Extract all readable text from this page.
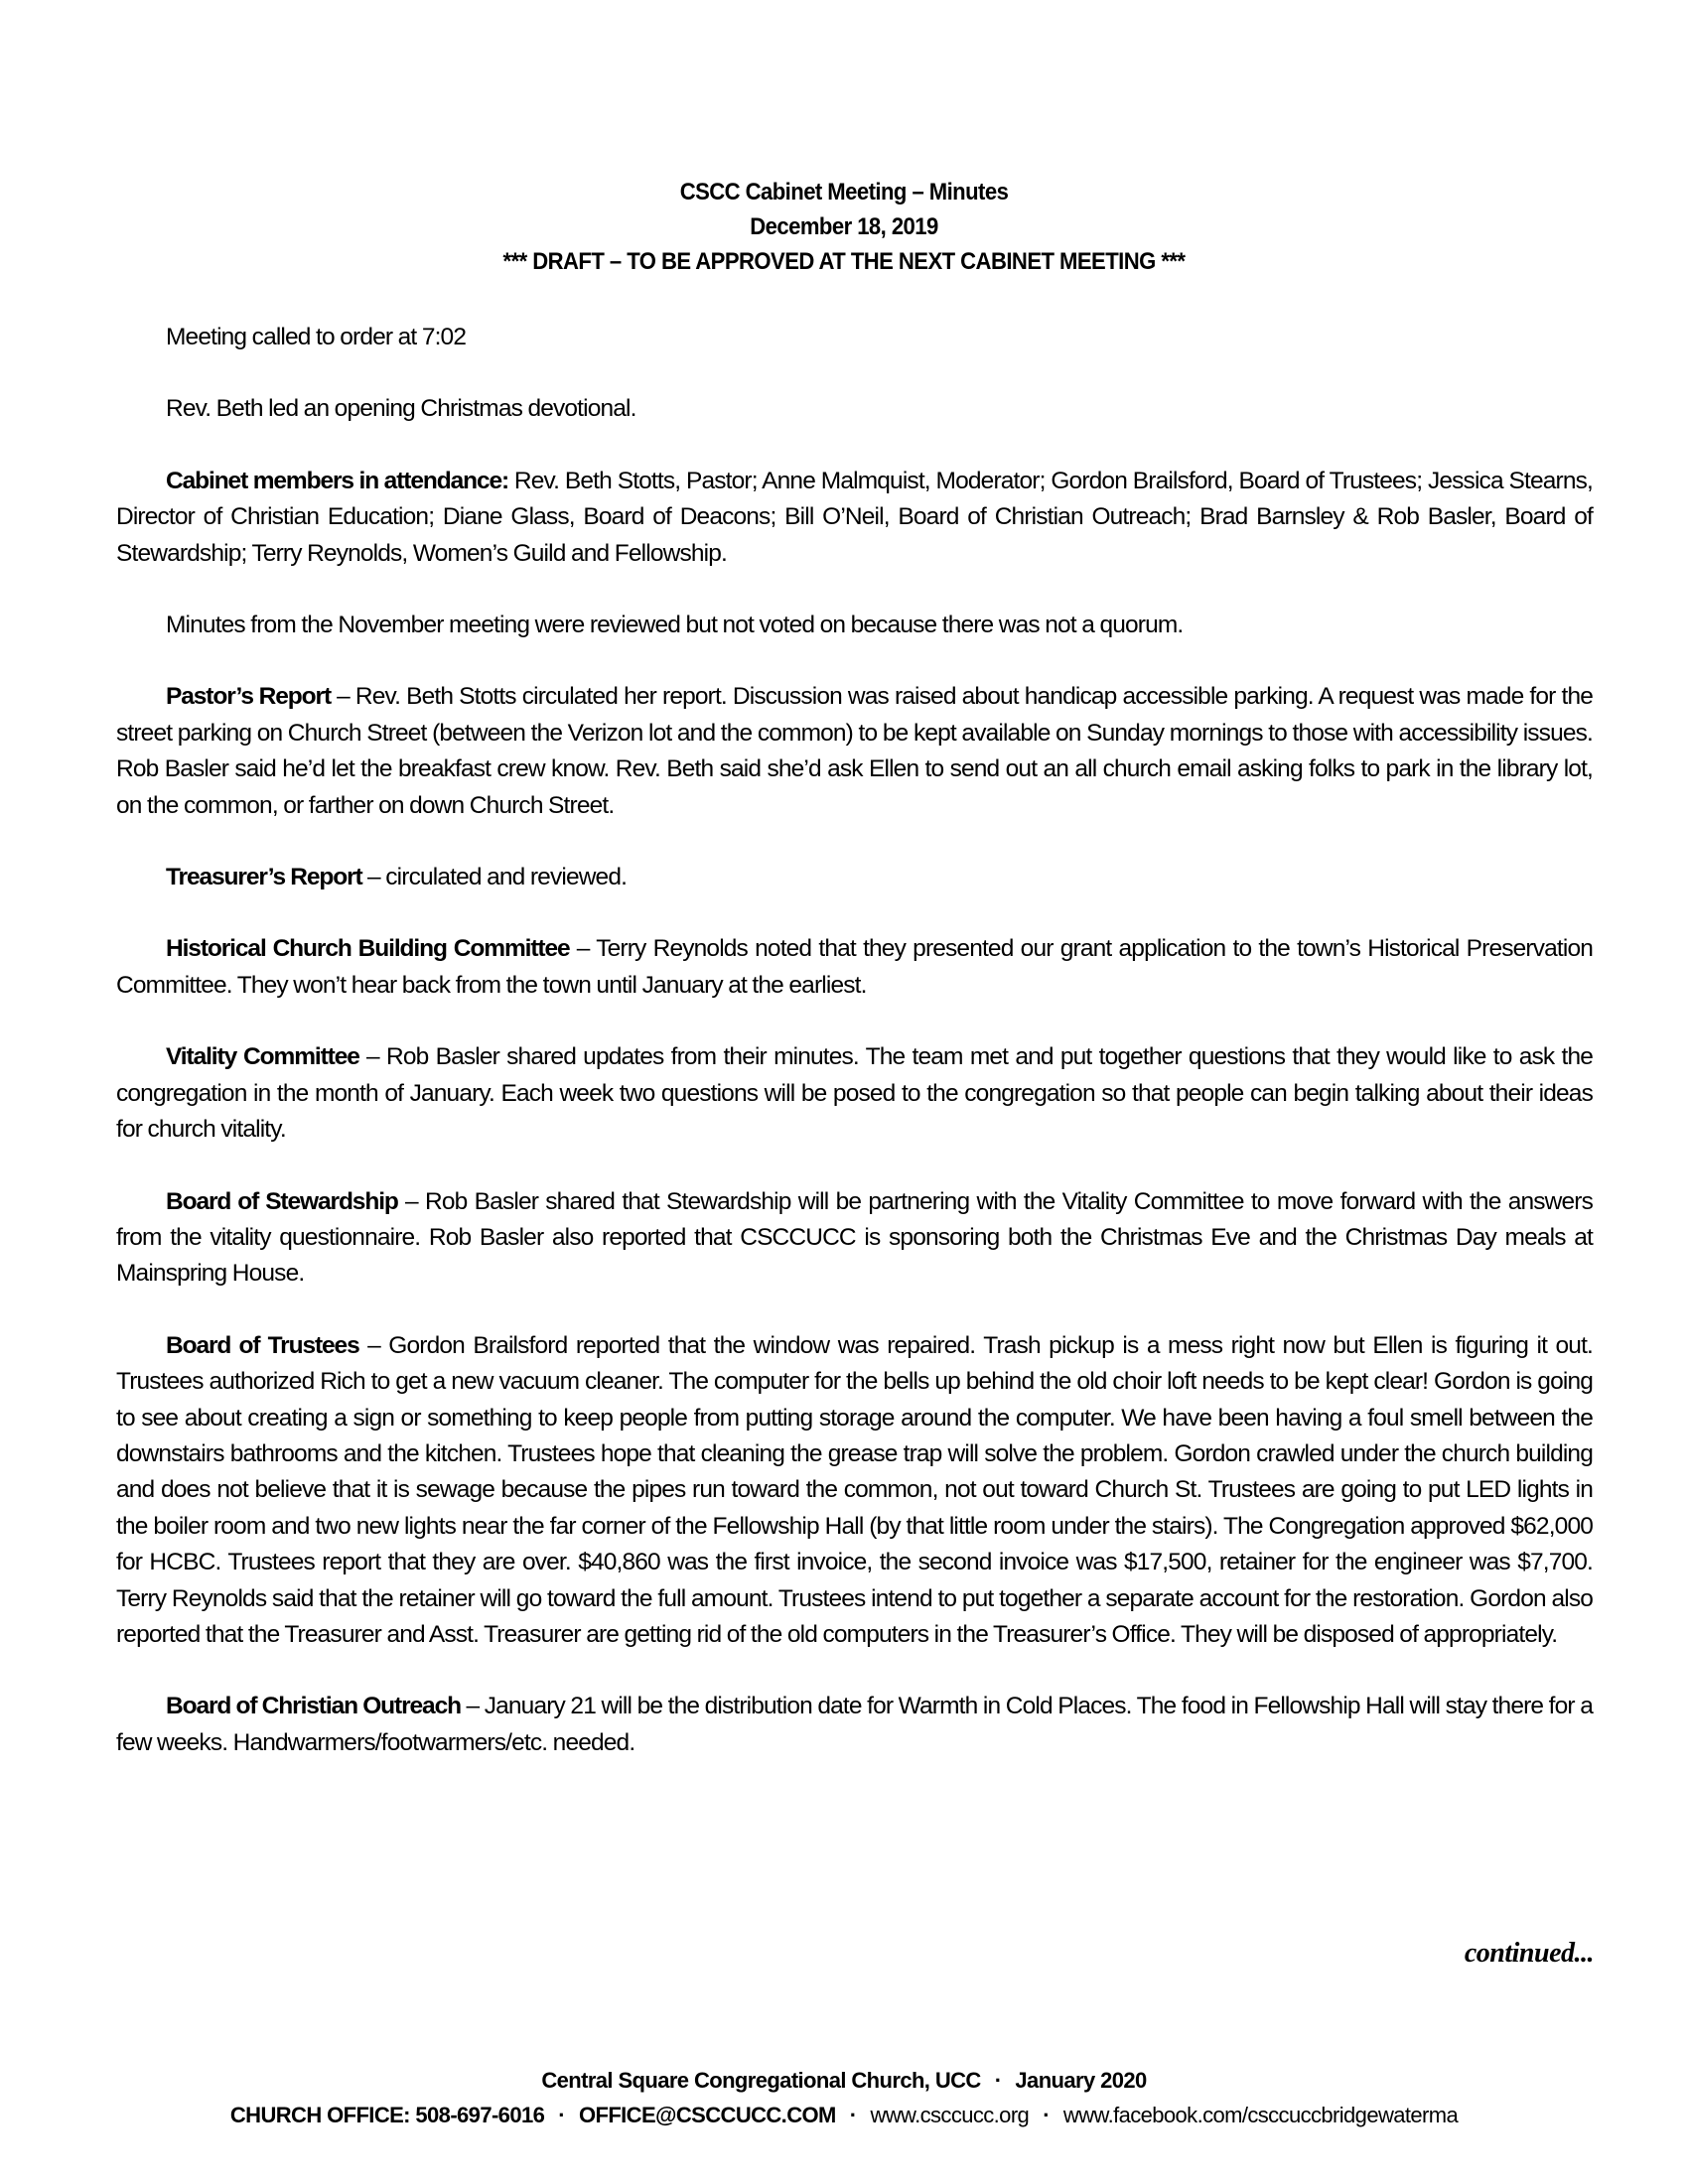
CSCC Cabinet Meeting – Minutes
December 18, 2019
*** DRAFT – TO BE APPROVED AT THE NEXT CABINET MEETING ***

Meeting called to order at 7:02

Rev. Beth led an opening Christmas devotional.

Cabinet members in attendance: Rev. Beth Stotts, Pastor; Anne Malmquist, Moderator; Gordon Brailsford, Board of Trustees; Jessica Stearns, Director of Christian Education; Diane Glass, Board of Deacons; Bill O’Neil, Board of Christian Outreach; Brad Barnsley & Rob Basler, Board of Stewardship; Terry Reynolds, Women’s Guild and Fellowship.

Minutes from the November meeting were reviewed but not voted on because there was not a quorum.

Pastor’s Report – Rev. Beth Stotts circulated her report. Discussion was raised about handicap accessible parking. A request was made for the street parking on Church Street (between the Verizon lot and the common) to be kept available on Sunday mornings to those with accessibility issues. Rob Basler said he’d let the breakfast crew know. Rev. Beth said she’d ask Ellen to send out an all church email asking folks to park in the library lot, on the common, or farther on down Church Street.

Treasurer’s Report – circulated and reviewed.

Historical Church Building Committee – Terry Reynolds noted that they presented our grant application to the town’s Historical Preservation Committee. They won’t hear back from the town until January at the earliest.

Vitality Committee – Rob Basler shared updates from their minutes. The team met and put together questions that they would like to ask the congregation in the month of January. Each week two questions will be posed to the congregation so that people can begin talking about their ideas for church vitality.

Board of Stewardship – Rob Basler shared that Stewardship will be partnering with the Vitality Committee to move forward with the answers from the vitality questionnaire. Rob Basler also reported that CSCCUCC is sponsoring both the Christmas Eve and the Christmas Day meals at Mainspring House.

Board of Trustees – Gordon Brailsford reported that the window was repaired. Trash pickup is a mess right now but Ellen is figuring it out. Trustees authorized Rich to get a new vacuum cleaner. The computer for the bells up behind the old choir loft needs to be kept clear! Gordon is going to see about creating a sign or something to keep people from putting storage around the computer. We have been having a foul smell between the downstairs bathrooms and the kitchen. Trustees hope that cleaning the grease trap will solve the problem. Gordon crawled under the church building and does not believe that it is sewage because the pipes run toward the common, not out toward Church St. Trustees are going to put LED lights in the boiler room and two new lights near the far corner of the Fellowship Hall (by that little room under the stairs). The Congregation approved $62,000 for HCBC. Trustees report that they are over. $40,860 was the first invoice, the second invoice was $17,500, retainer for the engineer was $7,700. Terry Reynolds said that the retainer will go toward the full amount. Trustees intend to put together a separate account for the restoration. Gordon also reported that the Treasurer and Asst. Treasurer are getting rid of the old computers in the Treasurer’s Office. They will be disposed of appropriately.

Board of Christian Outreach – January 21 will be the distribution date for Warmth in Cold Places. The food in Fellowship Hall will stay there for a few weeks. Handwarmers/footwarmers/etc. needed.

continued...
Central Square Congregational Church, UCC · January 2020
CHURCH OFFICE: 508-697-6016 · OFFICE@CSCCUCC.COM · www.csccucc.org · www.facebook.com/csccuccbridgewaterma
